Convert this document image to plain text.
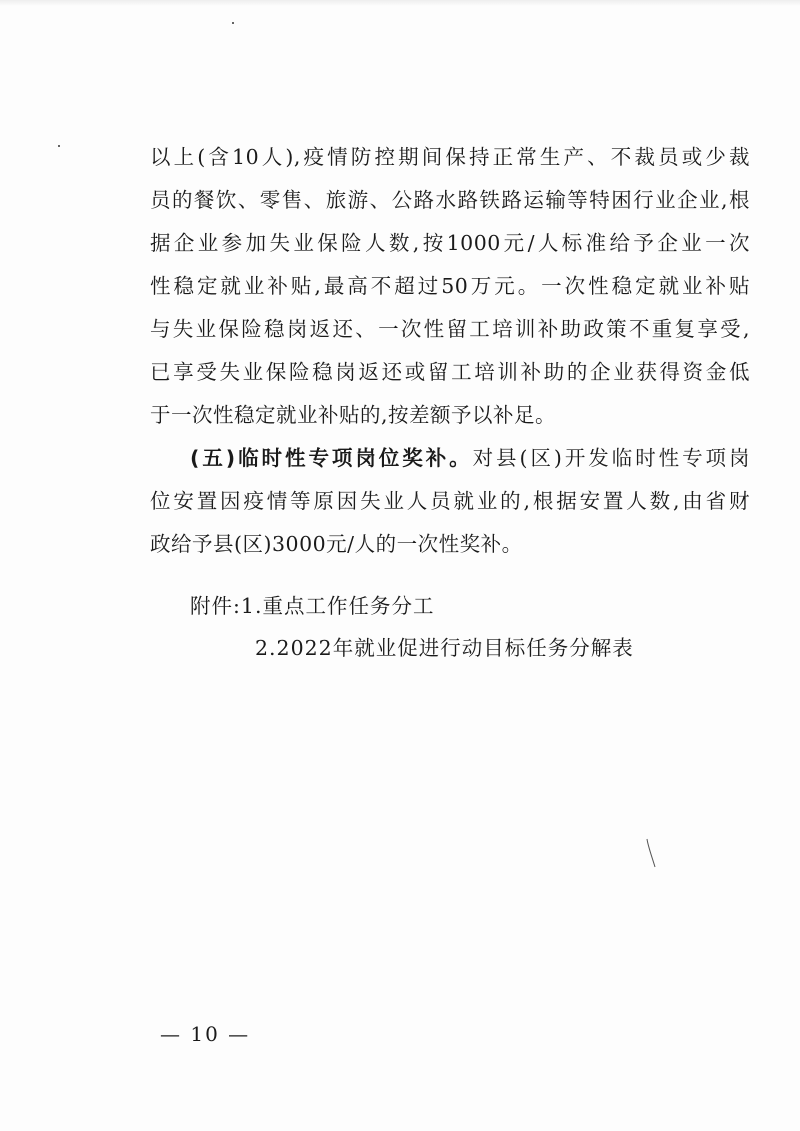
以上(含10人),疫情防控期间保持正常生产、不裁员或少裁

员的餐饮、零售、旅游、公路水路铁路运输等特困行业企业,根

据企业参加失业保险人数,按1000元/人标准给予企业一次

性稳定就业补贴,最高不超过50万元。一次性稳定就业补贴

与失业保险稳岗返还、一次性留工培训补助政策不重复享受,

已享受失业保险稳岗返还或留工培训补助的企业获得资金低

于一次性稳定就业补贴的,按差额予以补足。

(五)临时性专项岗位奖补。对县(区)开发临时性专项岗

位安置因疫情等原因失业人员就业的,根据安置人数,由省财

政给予县(区)3000元/人的一次性奖补。

附件:1.重点工作任务分工
2.2022年就业促进行动目标任务分解表
— 10 —
